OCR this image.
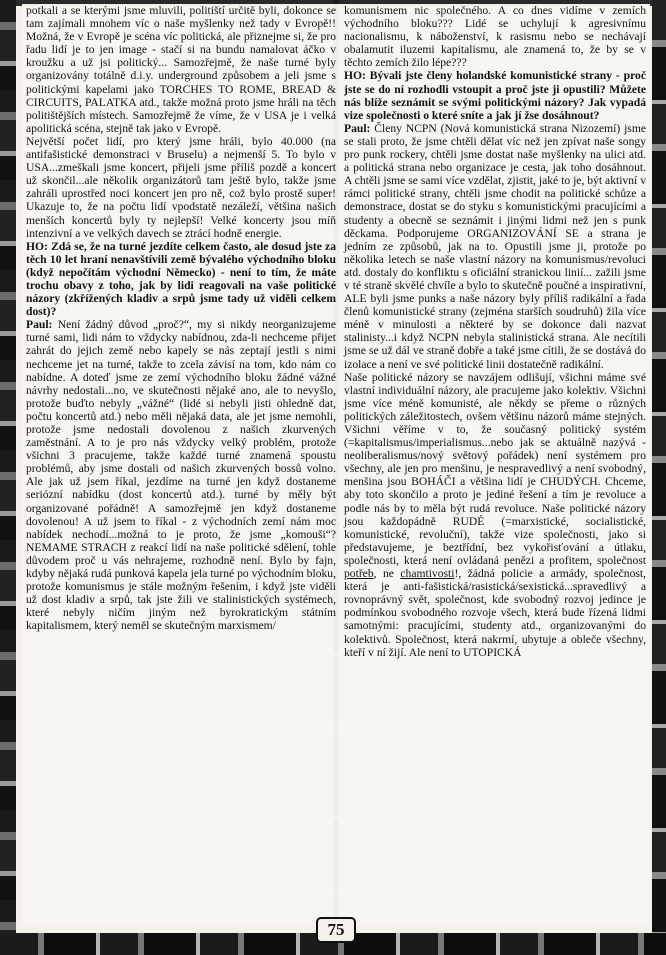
potkali a se kterými jsme mluvili, politiští určitě byli, dokonce se tam zajímali mnohem víc o naše myšlenky než tady v Evropě!! Možná, že v Evropě je scéna víc politická, ale přiznejme si, že pro řadu lidí je to jen image - stačí si na bundu namalovat áčko v kroužku a už jsi politický... Samozřejmě, že naše turné byly organizovány totálně d.i.y. underground způsobem a jeli jsme s politickými kapelami jako TORCHES TO ROME, BREAD & CIRCUITS, PALATKA atd., takže možná proto jsme hráli na těch politištějších místech. Samozřejmě že víme, že v USA je i velká apolitická scéna, stejně tak jako v Evropě.

Největší počet lidí, pro který jsme hráli, bylo 40.000 (na antifašistické demonstraci v Bruselu) a nejmenší 5. To bylo v USA...zmeškali jsme koncert, přijeli jsme příliš pozdě a koncert už skončil...ale několik organizátorů tam ještě bylo, takže jsme zahráli uprostřed noci koncert jen pro ně, což bylo prostě super! Ukazuje to, že na počtu lidí vpodstatě nezáleží, většina našich menších koncertů byly ty nejlepší! Velké koncerty jsou míň intenzivní a ve velkých davech se ztrácí hodně energie.

HO: Zdá se, že na turné jezdíte celkem často, ale dosud jste za těch 10 let hraní nenavštívili země bývalého východního bloku (když nepočítám východní Německo) - není to tím, že máte trochu obavy z toho, jak by lidi reagovali na vaše politické názory (zkřížených kladiv a srpů jsme tady už viděli celkem dost)?

Paul: Není žádný důvod „proč?“, my si nikdy neorganizujeme turné sami, lidi nám to vždycky nabídnou, zda-li nechceme přijet zahrát do jejich země nebo kapely se nás zeptají jestli s nimi nechceme jet na turné, takže to zcela závisí na tom, kdo nám co nabídne. A doteď jsme ze zemí východního bloku žádné vážné návrhy nedostali...no, ve skutečnosti nějaké ano, ale to nevyšlo, protože buďto nebyly „vážné“ (lidé si nebyli jisti ohledně dat, počtu koncertů atd.) nebo měli nějaká data, ale jet jsme nemohli, protože jsme nedostali dovolenou z našich zkurvených zaměstnání. A to je pro nás vždycky velký problém, protože všichni 3 pracujeme, takže každé turné znamená spoustu problémů, aby jsme dostali od našich zkurvených bossů volno. Ale jak už jsem říkal, jezdíme na turné jen když dostaneme seriózní nabídku (dost koncertů atd.). turné by měly být organizované pořádně! A samozřejmě jen když dostaneme dovolenou! A už jsem to říkal - z východních zemí nám moc nabídek nechodí...možná to je proto, že jsme „komouši“? NEMAME STRACH z reakcí lidí na naše politické sdělení, tohle důvodem proč u vás nehrajeme, rozhodně není. Bylo by fajn, kdyby nějaká rudá punková kapela jela turné po východním bloku, protože komunismus je stále možným řešením, i když jste viděli už dost kladiv a srpů, tak jste žili ve stalinistických systémech, které nebyly ničím jiným než byrokratickým státním kapitalismem, který neměl se skutečným marxismem/

komunismem nic společného. A co dnes vidíme v zemích východního bloku??? Lidé se uchylují k agresivnímu nacionalismu, k náboženství, k rasismu nebo se nechávají obalamutit iluzemi kapitalismu, ale znamená to, že by se v těchto zemích žilo lépe???

HO: Bývali jste členy holandské komunistické strany - proč jste se do ní rozhodli vstoupit a proč jste ji opustili? Můžete nás blíže seznámit se svými politickými názory? Jak vypadá vize společnosti o které sníte a jak jí žse dosáhnout?

Paul: Členy NCPN (Nová komunistická strana Nizozemí) jsme se stali proto, že jsme chtěli dělat víc než jen zpívat naše songy pro punk rockery, chtěli jsme dostat naše myšlenky na ulici atd. a politická strana nebo organizace je cesta, jak toho dosáhnout. A chtěli jsme se sami více vzdělat, zjistit, jaké to je, být aktivní v rámci politické strany, chtěli jsme chodit na politické schůze a demonstrace, dostat se do styku s komunistickými pracujícími a studenty a obecně se seznámit i jinými lidmi než jen s punk děckama. Podporujeme ORGANIZOVÁNÍ SE a strana je jedním ze způsobů, jak na to. Opustili jsme ji, protože po několika letech se naše vlastní názory na komunismus/revoluci atd. dostaly do konfliktu s oficiální stranickou linií... zažili jsme v té straně skvělé chvíle a bylo to skutečně poučné a inspirativní, ALE byli jsme punks a naše názory byly příliš radikální a řada členů komunistické strany (zejména starších soudruhů) žila více méně v minulosti a některé by se dokonce dali nazvat stalinisty...i když NCPN nebyla stalinistická strana. Ale necítili jsme se už dál ve straně dobře a také jsme cítili, že se dostává do izolace a není ve své politické linii dostatečně radikální.

Naše politické názory se navzájem odlišují, všichni máme své vlastní individuální názory, ale pracujeme jako kolektiv. Všichni jsme více méně komunisté, ale někdy se přeme o různých politických záležitostech, ovšem většinu názorů máme stejných. Všichni věříme v to, že současný politický systém (=kapitalismus/imperialismus...nebo jak se aktuálně nazývá - neoliberalismus/nový světový pořádek) není systémem pro všechny, ale jen pro menšinu, je nespravedlivý a není svobodný, menšina jsou BOHÁČI a většina lidí je CHUDÝCH. Chceme, aby toto skončilo a proto je jediné řešení a tím je revoluce a podle nás by to měla být rudá revoluce. Naše politické názory jsou každopádně RUDÉ (=marxistické, socialistické, komunistické, revoluční), takže vize společnosti, jako si představujeme, je beztřídní, bez vykořisťování a útlaku, společnosti, která není ovládaná penězi a profitem, společnost potřeb, ne chamtivosti!, žádná policie a armády, společnost, která je anti-fašistická/rasistická/sexistická...spravedlivý a rovnoprávný svět, společnost, kde svobodný rozvoj jedince je podmínkou svobodného rozvoje všech, která bude řízená lidmi samotnými: pracujícími, studenty atd., organizovanými do kolektivů. Společnost, která nakrmí, ubytuje a obleče všechny, kteří v ní žijí. Ale není to UTOPICKÁ

75
